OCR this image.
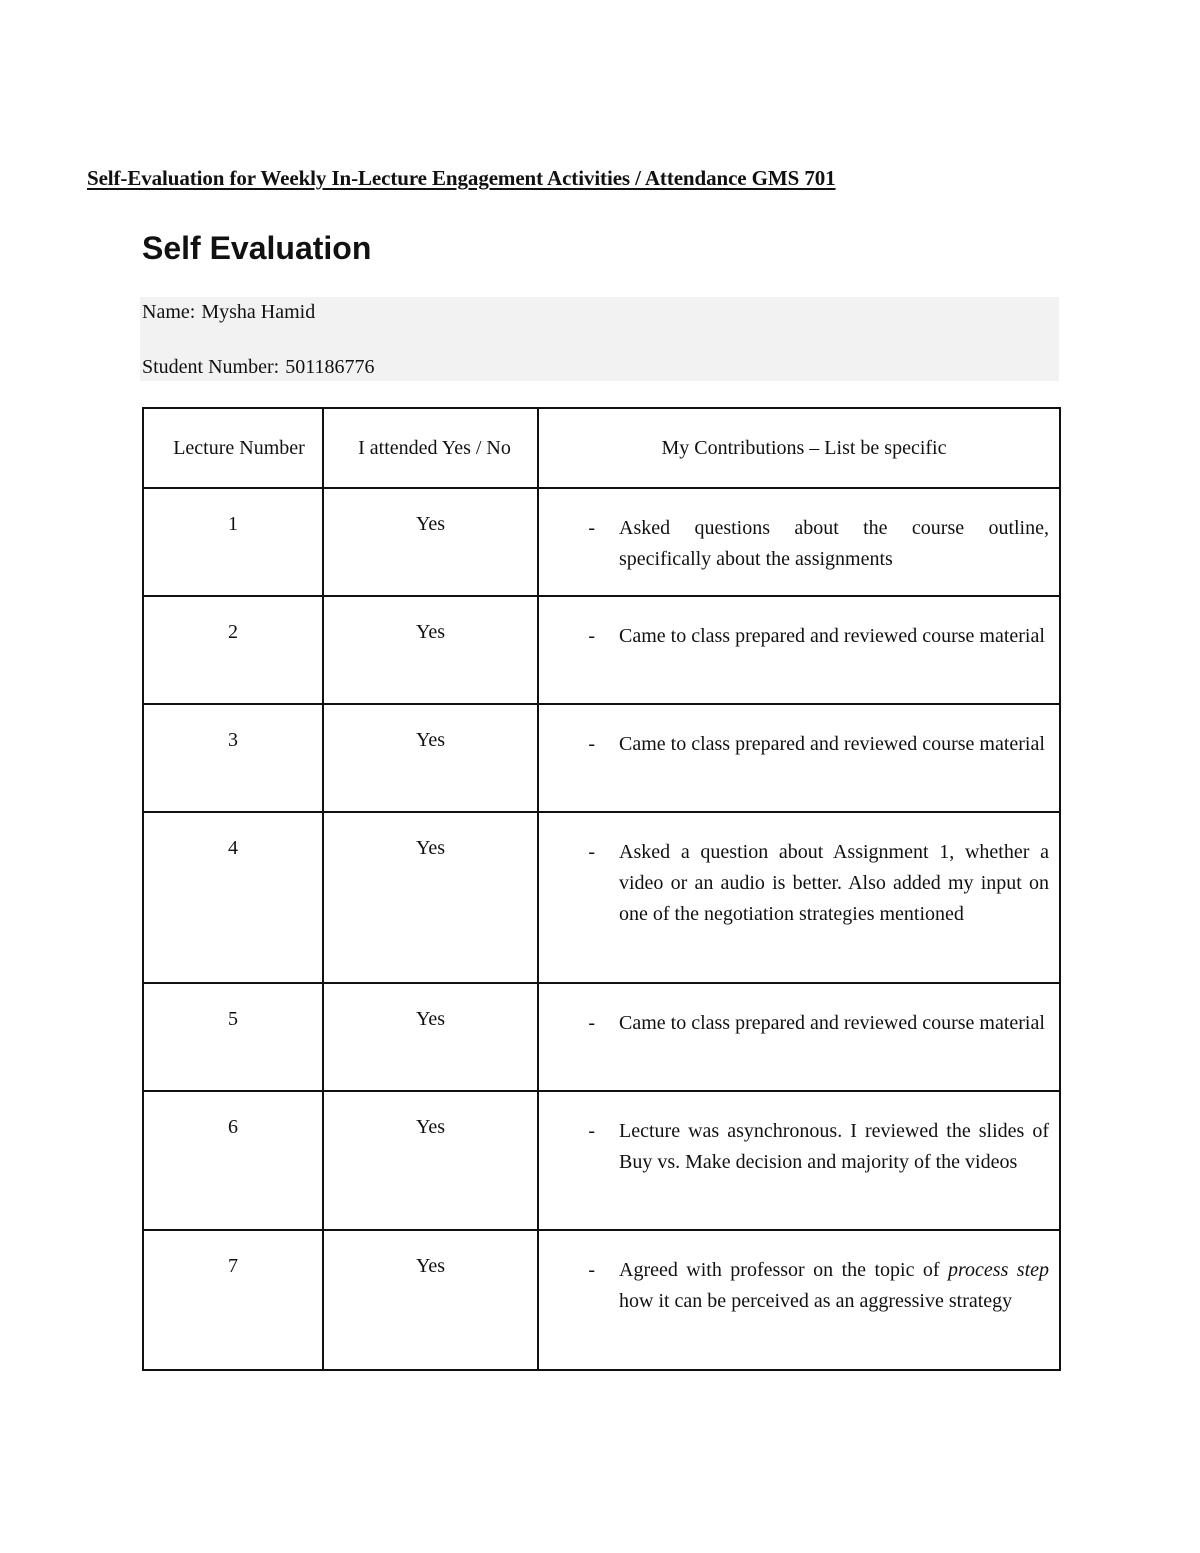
Self-Evaluation for Weekly In-Lecture Engagement Activities / Attendance GMS 701
Self Evaluation
Name: Mysha Hamid
Student Number: 501186776
Lecture Number	I attended Yes / No	My Contributions – List be specific

1	Yes	- Asked questions about the course outline, specifically about the assignments

2	Yes	- Came to class prepared and reviewed course material

3	Yes	- Came to class prepared and reviewed course material

4	Yes	- Asked a question about Assignment 1, whether a video or an audio is better. Also added my input on one of the negotiation strategies mentioned

5	Yes	- Came to class prepared and reviewed course material

6	Yes	- Lecture was asynchronous. I reviewed the slides of Buy vs. Make decision and majority of the videos

7	Yes	- Agreed with professor on the topic of process step how it can be perceived as an aggressive strategy
